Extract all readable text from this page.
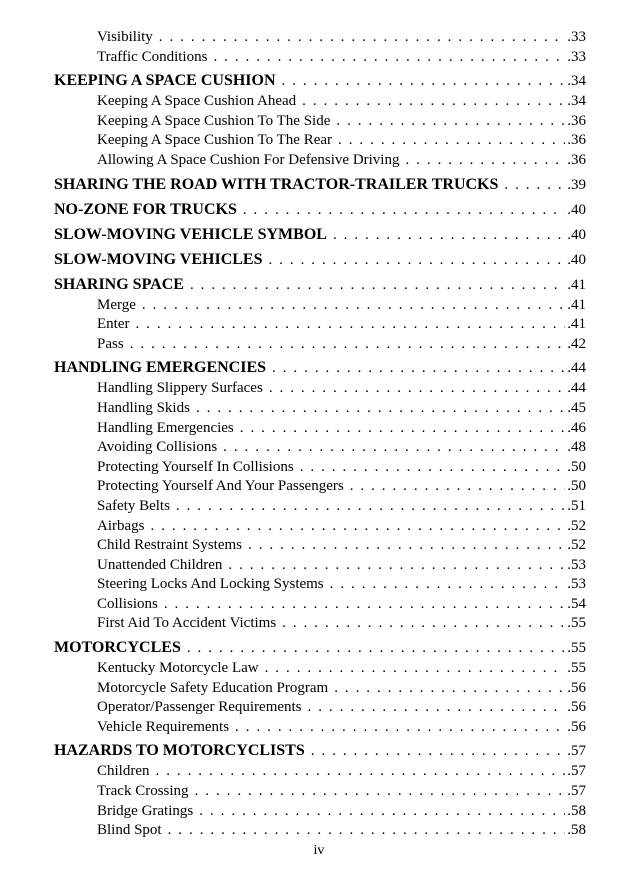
Visibility . . .	.33
Traffic Conditions . . .	.33
KEEPING A SPACE CUSHION . . .	.34
Keeping A Space Cushion Ahead . . .	.34
Keeping A Space Cushion To The Side . . .	.36
Keeping A Space Cushion To The Rear . . .	.36
Allowing A Space Cushion For Defensive Driving . . .	.36
SHARING THE ROAD WITH TRACTOR-TRAILER TRUCKS . . .	.39
NO-ZONE FOR TRUCKS . . .	.40
SLOW-MOVING VEHICLE SYMBOL . . .	.40
SLOW-MOVING VEHICLES . . .	.40
SHARING SPACE . . .	.41
Merge . . .	.41
Enter . . .	.41
Pass . . .	.42
HANDLING EMERGENCIES . . .	.44
Handling Slippery Surfaces . . .	.44
Handling Skids . . .	.45
Handling Emergencies . . .	.46
Avoiding Collisions . . .	.48
Protecting Yourself In Collisions . . .	.50
Protecting Yourself And Your Passengers . . .	.50
Safety Belts . . .	.51
Airbags . . .	.52
Child Restraint Systems . . .	.52
Unattended Children . . .	.53
Steering Locks And Locking Systems . . .	.53
Collisions . . .	.54
First Aid To Accident Victims . . .	.55
MOTORCYCLES . . .	.55
Kentucky Motorcycle Law . . .	.55
Motorcycle Safety Education Program . . .	.56
Operator/Passenger Requirements . . .	.56
Vehicle Requirements . . .	.56
HAZARDS TO MOTORCYCLISTS . . .	.57
Children . . .	.57
Track Crossing . . .	.57
Bridge Gratings . . .	.58
Blind Spot . . .	.58
iv
